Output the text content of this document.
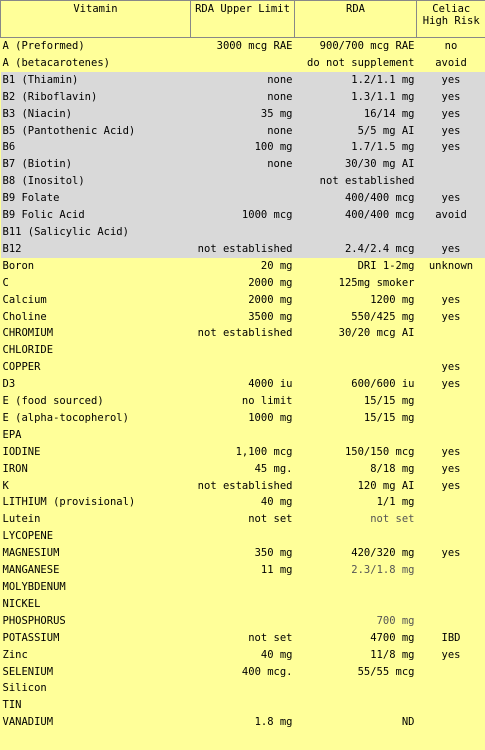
Vitamin	RDA Upper Limit	RDA	Celiac High Risk
A (Preformed)	3000 mcg RAE	900/700 mcg RAE	no
A (betacarotenes)		do not supplement	avoid
B1 (Thiamin)	none	1.2/1.1 mg	yes
B2 (Riboflavin)	none	1.3/1.1 mg	yes
B3 (Niacin)	35 mg	16/14 mg	yes
B5 (Pantothenic Acid)	none	5/5 mg AI	yes
B6	100 mg	1.7/1.5 mg	yes
B7 (Biotin)	none	30/30 mg AI	
B8 (Inositol)		not established	
B9 Folate		400/400 mcg	yes
B9 Folic Acid	1000 mcg	400/400 mcg	avoid
B11 (Salicylic Acid)			
B12	not established	2.4/2.4 mcg	yes
Boron	20 mg	DRI 1-2mg	unknown
C	2000 mg	125mg smoker	
Calcium	2000 mg	1200 mg	yes
Choline	3500 mg	550/425 mg	yes
CHROMIUM	not established	30/20 mcg AI	
CHLORIDE			
COPPER			yes
D3	4000 iu	600/600 iu	yes
E (food sourced)	no limit	15/15 mg	
E (alpha-tocopherol)	1000 mg	15/15 mg	
EPA			
IODINE	1,100 mcg	150/150 mcg	yes
IRON	45 mg.	8/18 mg	yes
K	not established	120 mg AI	yes
LITHIUM (provisional)	40 mg	1/1 mg	
Lutein	not set	not set	
LYCOPENE			
MAGNESIUM	350 mg	420/320 mg	yes
MANGANESE	11 mg	2.3/1.8 mg	
MOLYBDENUM			
NICKEL			
PHOSPHORUS		700 mg	
POTASSIUM	not set	4700 mg	IBD
Zinc	40 mg	11/8 mg	yes
SELENIUM	400 mcg.	55/55 mcg	
Silicon			
TIN			
VANADIUM	1.8 mg	ND	
